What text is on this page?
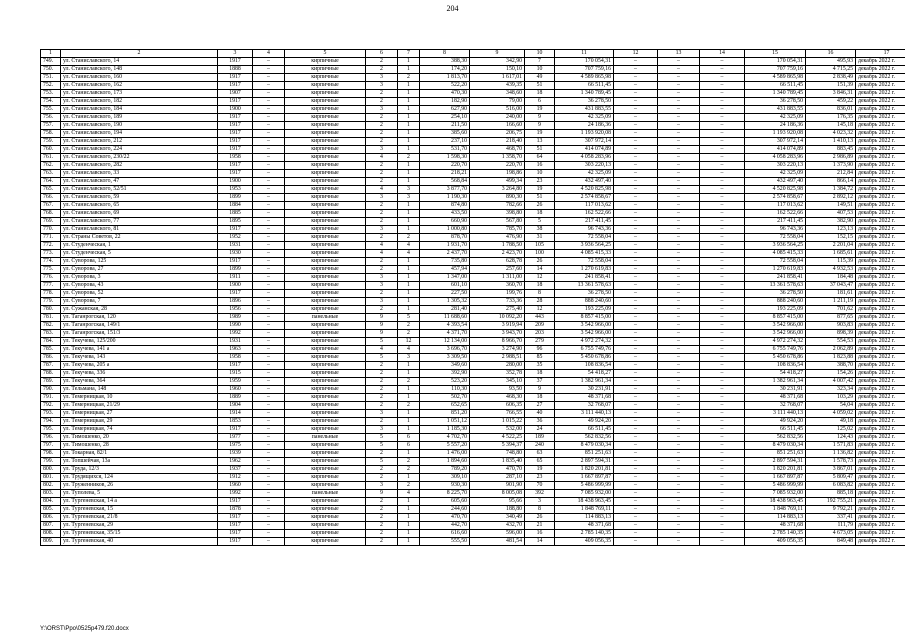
204
1	2	3	4	5	6	7	8	9	10	11	12	13	14	15	16	17
749.	ул. Станиславского, 14	1917	–	кирпичные	2	1	388,30	342,90	7	170 054,31	–	–	–	170 054,31	495,93	декабрь 2022 г.
750.	ул. Станиславского, 148	1888	–	кирпичные	2	1	174,20	150,10	10	707 759,16	–	–	–	707 759,16	4 715,25	декабрь 2022 г.
751.	ул. Станиславского, 160	1917	–	кирпичные	3	2	1 813,70	1 617,01	49	4 589 865,98	–	–	–	4 589 865,98	2 838,49	декабрь 2022 г.
752.	ул. Станиславского, 162	1917	–	кирпичные	3	1	522,20	439,35	51	66 511,45	–	–	–	66 511,45	151,39	декабрь 2022 г.
753.	ул. Станиславского, 173	1907	–	кирпичные	2	1	470,30	348,60	18	1 340 789,45	–	–	–	1 340 789,45	3 846,31	декабрь 2022 г.
754.	ул. Станиславского, 182	1917	–	кирпичные	2	1	182,90	79,00	6	36 278,50	–	–	–	36 278,50	459,22	декабрь 2022 г.
755.	ул. Станиславского, 184	1900	–	кирпичные	3	1	627,90	516,00	19	431 883,55	–	–	–	431 883,55	836,01	декабрь 2022 г.
756.	ул. Станиславского, 189	1917	–	кирпичные	2	1	254,10	240,00	9	42 325,09	–	–	–	42 325,09	176,35	декабрь 2022 г.
757.	ул. Станиславского, 190	1917	–	кирпичные	2	1	211,50	166,60	9	24 186,36	–	–	–	24 186,36	145,18	декабрь 2022 г.
758.	ул. Станиславского, 194	1917	–	кирпичные	2	1	385,60	206,75	19	1 193 920,08	–	–	–	1 193 920,08	4 023,32	декабрь 2022 г.
759.	ул. Станиславского, 212	1917	–	кирпичные	2	1	237,10	218,40	13	307 972,14	–	–	–	307 972,14	1 410,13	декабрь 2022 г.
760.	ул. Станиславского, 224	1917	–	кирпичные	3	1	531,70	468,70	51	414 074,89	–	–	–	414 074,89	883,45	декабрь 2022 г.
761.	ул. Станиславского, 230/22	1958	–	кирпичные	4	2	1 598,30	1 358,70	64	4 058 283,96	–	–	–	4 058 283,96	2 986,89	декабрь 2022 г.
762.	ул. Станиславского, 282	1917	–	кирпичные	2	1	220,70	220,70	16	303 220,13	–	–	–	303 220,13	1 373,90	декабрь 2022 г.
763.	ул. Станиславского, 33	1917	–	кирпичные	2	1	218,21	198,86	10	42 325,09	–	–	–	42 325,09	212,84	декабрь 2022 г.
764.	ул. Станиславского, 47	1900	–	кирпичные	2	1	568,84	499,34	23	432 497,40	–	–	–	432 497,40	866,14	декабрь 2022 г.
765.	ул. Станиславского, 52/51	1953	–	кирпичные	4	3	3 877,70	3 264,80	19	4 520 825,98	–	–	–	4 520 825,98	1 384,72	декабрь 2022 г.
766.	ул. Станиславского, 59	1899	–	кирпичные	3	3	1 190,30	890,30	51	2 574 858,67	–	–	–	2 574 858,67	2 892,12	декабрь 2022 г.
767.	ул. Станиславского, 65	1884	–	кирпичные	2	1	874,80	782,66	26	117 013,62	–	–	–	117 013,62	149,51	декабрь 2022 г.
768.	ул. Станиславского, 69	1885	–	кирпичные	2	1	433,50	398,80	18	162 522,66	–	–	–	162 522,66	407,53	декабрь 2022 г.
769.	ул. Станиславского, 77	1895	–	кирпичные	2	1	660,90	567,80	5	217 411,45	–	–	–	217 411,45	382,90	декабрь 2022 г.
770.	ул. Станиславского, 81	1917	–	кирпичные	3	1	1 000,80	785,70	38	96 743,36	–	–	–	96 743,36	123,13	декабрь 2022 г.
771.	ул. Страны Советов, 22	1952	–	кирпичные	2	2	878,70	476,90	31	72 558,04	–	–	–	72 558,04	152,15	декабрь 2022 г.
772.	ул. Студенческая, 1	1931	–	кирпичные	4	4	1 931,70	1 788,50	105	3 936 564,25	–	–	–	3 936 564,25	2 201,04	декабрь 2022 г.
773.	ул. Студенческая, 5	1930	–	кирпичные	4	4	2 437,70	2 423,70	100	4 085 415,33	–	–	–	4 085 415,33	1 685,61	декабрь 2022 г.
774.	ул. Суворова, 125	1917	–	кирпичные	2	1	735,80	628,78	26	72 558,04	–	–	–	72 558,04	115,39	декабрь 2022 г.
775.	ул. Суворова, 27	1899	–	кирпичные	2	1	457,94	257,60	14	1 270 619,83	–	–	–	1 270 619,83	4 932,53	декабрь 2022 г.
776.	ул. Суворова, 3	1911	–	кирпичные	3	1	1 347,00	1 311,00	12	241 858,41	–	–	–	241 858,41	184,48	декабрь 2022 г.
777.	ул. Суворова, 43	1900	–	кирпичные	3	1	601,10	360,70	18	13 361 578,63	–	–	–	13 361 578,63	37 043,47	декабрь 2022 г.
778.	ул. Суворова, 52	1917	–	кирпичные	2	1	227,50	199,76	8	36 278,50	–	–	–	36 278,50	181,61	декабрь 2022 г.
779.	ул. Суворова, 7	1896	–	кирпичные	3	1	1 305,32	733,36	28	888 240,60	–	–	–	888 240,60	1 211,19	декабрь 2022 г.
780.	ул. Сужанская, 28	1956	–	кирпичные	2	1	281,40	275,40	12	193 225,09	–	–	–	193 225,09	701,62	декабрь 2022 г.
781.	ул. Таганрогская, 120	1989	–	панельные	9	5	11 688,60	10 092,20	443	8 857 415,00	–	–	–	8 857 415,00	877,65	декабрь 2022 г.
782.	ул. Таганрогская, 149/1	1990	–	кирпичные	9	2	4 393,54	3 919,94	209	3 542 966,00	–	–	–	3 542 966,00	903,83	декабрь 2022 г.
783.	ул. Таганрогская, 151/3	1992	–	кирпичные	9	2	4 371,70	3 943,70	203	3 542 966,00	–	–	–	3 542 966,00	898,39	декабрь 2022 г.
784.	ул. Текучева, 125/200	1931	–	кирпичные	5	12	12 134,00	8 966,70	279	4 972 274,32	–	–	–	4 972 274,32	554,53	декабрь 2022 г.
785.	ул. Текучева, 141 а	1963	–	кирпичные	4	4	3 696,70	3 274,90	96	6 755 749,76	–	–	–	6 755 749,76	2 062,89	декабрь 2022 г.
786.	ул. Текучева, 143	1958	–	кирпичные	5	3	3 309,50	2 988,51	85	5 450 678,86	–	–	–	5 450 678,86	1 823,88	декабрь 2022 г.
787.	ул. Текучева, 205 а	1917	–	кирпичные	2	1	349,60	280,00	35	108 836,54	–	–	–	108 836,54	388,70	декабрь 2022 г.
788.	ул. Текучева, 336	1915	–	кирпичные	2	1	392,90	352,78	18	54 418,27	–	–	–	54 418,27	154,26	декабрь 2022 г.
789.	ул. Текучева, 364	1959	–	кирпичные	2	2	523,20	345,10	37	1 382 961,34	–	–	–	1 382 961,34	4 007,42	декабрь 2022 г.
790.	ул. Тельмана, 148	1960	–	кирпичные	2	1	110,30	93,50	9	30 231,91	–	–	–	30 231,91	323,34	декабрь 2022 г.
791.	ул. Темерницкая, 10	1889	–	кирпичные	2	1	502,70	468,30	18	48 371,68	–	–	–	48 371,68	103,29	декабрь 2022 г.
792.	ул. Темерницкая, 21/29	1904	–	кирпичные	2	2	652,65	606,35	27	32 768,07	–	–	–	32 768,07	54,04	декабрь 2022 г.
793.	ул. Темерницкая, 27	1914	–	кирпичные	3	1	851,20	766,55	40	3 111 440,13	–	–	–	3 111 440,13	4 059,02	декабрь 2022 г.
794.	ул. Темерницкая, 29	1853	–	кирпичные	2	1	1 051,12	1 015,22	36	49 924,20	–	–	–	49 924,20	49,18	декабрь 2022 г.
795.	ул. Темерницкая, 74	1917	–	кирпичные	3	1	1 185,30	532,00	24	66 511,45	–	–	–	66 511,45	125,02	декабрь 2022 г.
796.	ул. Тимошенко, 20	1977	–	панельные	5	6	4 702,70	4 522,25	189	562 832,56	–	–	–	562 832,56	124,43	декабрь 2022 г.
797.	ул. Тимошенко, 28	1975	–	кирпичные	5	6	5 557,20	5 394,37	240	8 479 030,34	–	–	–	8 479 030,34	1 571,83	декабрь 2022 г.
798.	ул. Токарная, 82/1	1939	–	кирпичные	2	1	1 476,00	748,80	63	851 251,63	–	–	–	851 251,63	1 136,82	декабрь 2022 г.
799.	ул. Топшейчая, 13а	1962	–	кирпичные	5	2	1 894,60	1 835,40	65	2 897 594,31	–	–	–	2 897 594,31	1 578,73	декабрь 2022 г.
800.	ул. Труда, 12/3	1937	–	кирпичные	2	2	789,20	470,70	19	1 820 201,81	–	–	–	1 820 201,81	3 867,01	декабрь 2022 г.
801.	ул. Трудящихся, 124	1912	–	кирпичные	2	1	309,10	287,10	23	1 667 897,87	–	–	–	1 667 897,87	5 809,47	декабрь 2022 г.
802.	ул. Труженников, 26	1960	–	кирпичные	3	2	930,30	901,90	70	5 486 999,99	–	–	–	5 486 999,99	6 083,82	декабрь 2022 г.
803.	ул. Туполева, 5	1992	–	панельные	9	4	8 225,70	8 005,08	392	7 085 932,00	–	–	–	7 085 932,00	885,18	декабрь 2022 г.
804.	ул. Тургеневская, 14 а	1917	–	кирпичные	2	1	605,60	95,66	3	18 438 963,45	–	–	–	18 438 963,45	192 755,21	декабрь 2022 г.
805.	ул. Тургеневская, 15	1878	–	кирпичные	2	1	244,60	188,80	8	1 848 769,11	–	–	–	1 848 769,11	9 792,21	декабрь 2022 г.
806.	ул. Тургеневская, 21/8	1917	–	кирпичные	2	1	470,70	340,49	26	114 883,13	–	–	–	114 883,13	337,41	декабрь 2022 г.
807.	ул. Тургеневская, 29	1917	–	кирпичные	2	1	442,70	432,70	21	48 371,68	–	–	–	48 371,68	111,79	декабрь 2022 г.
808.	ул. Тургеневская, 35/15	1917	–	кирпичные	2	1	616,60	596,00	16	2 785 140,35	–	–	–	2 785 140,35	4 673,05	декабрь 2022 г.
809.	ул. Тургеневская, 40	1917	–	кирпичные	2	1	555,50	481,54	14	409 056,35	–	–	–	409 056,35	849,48	декабрь 2022 г.
Y:\ORST\Ppo\0525p479.f20.docx
